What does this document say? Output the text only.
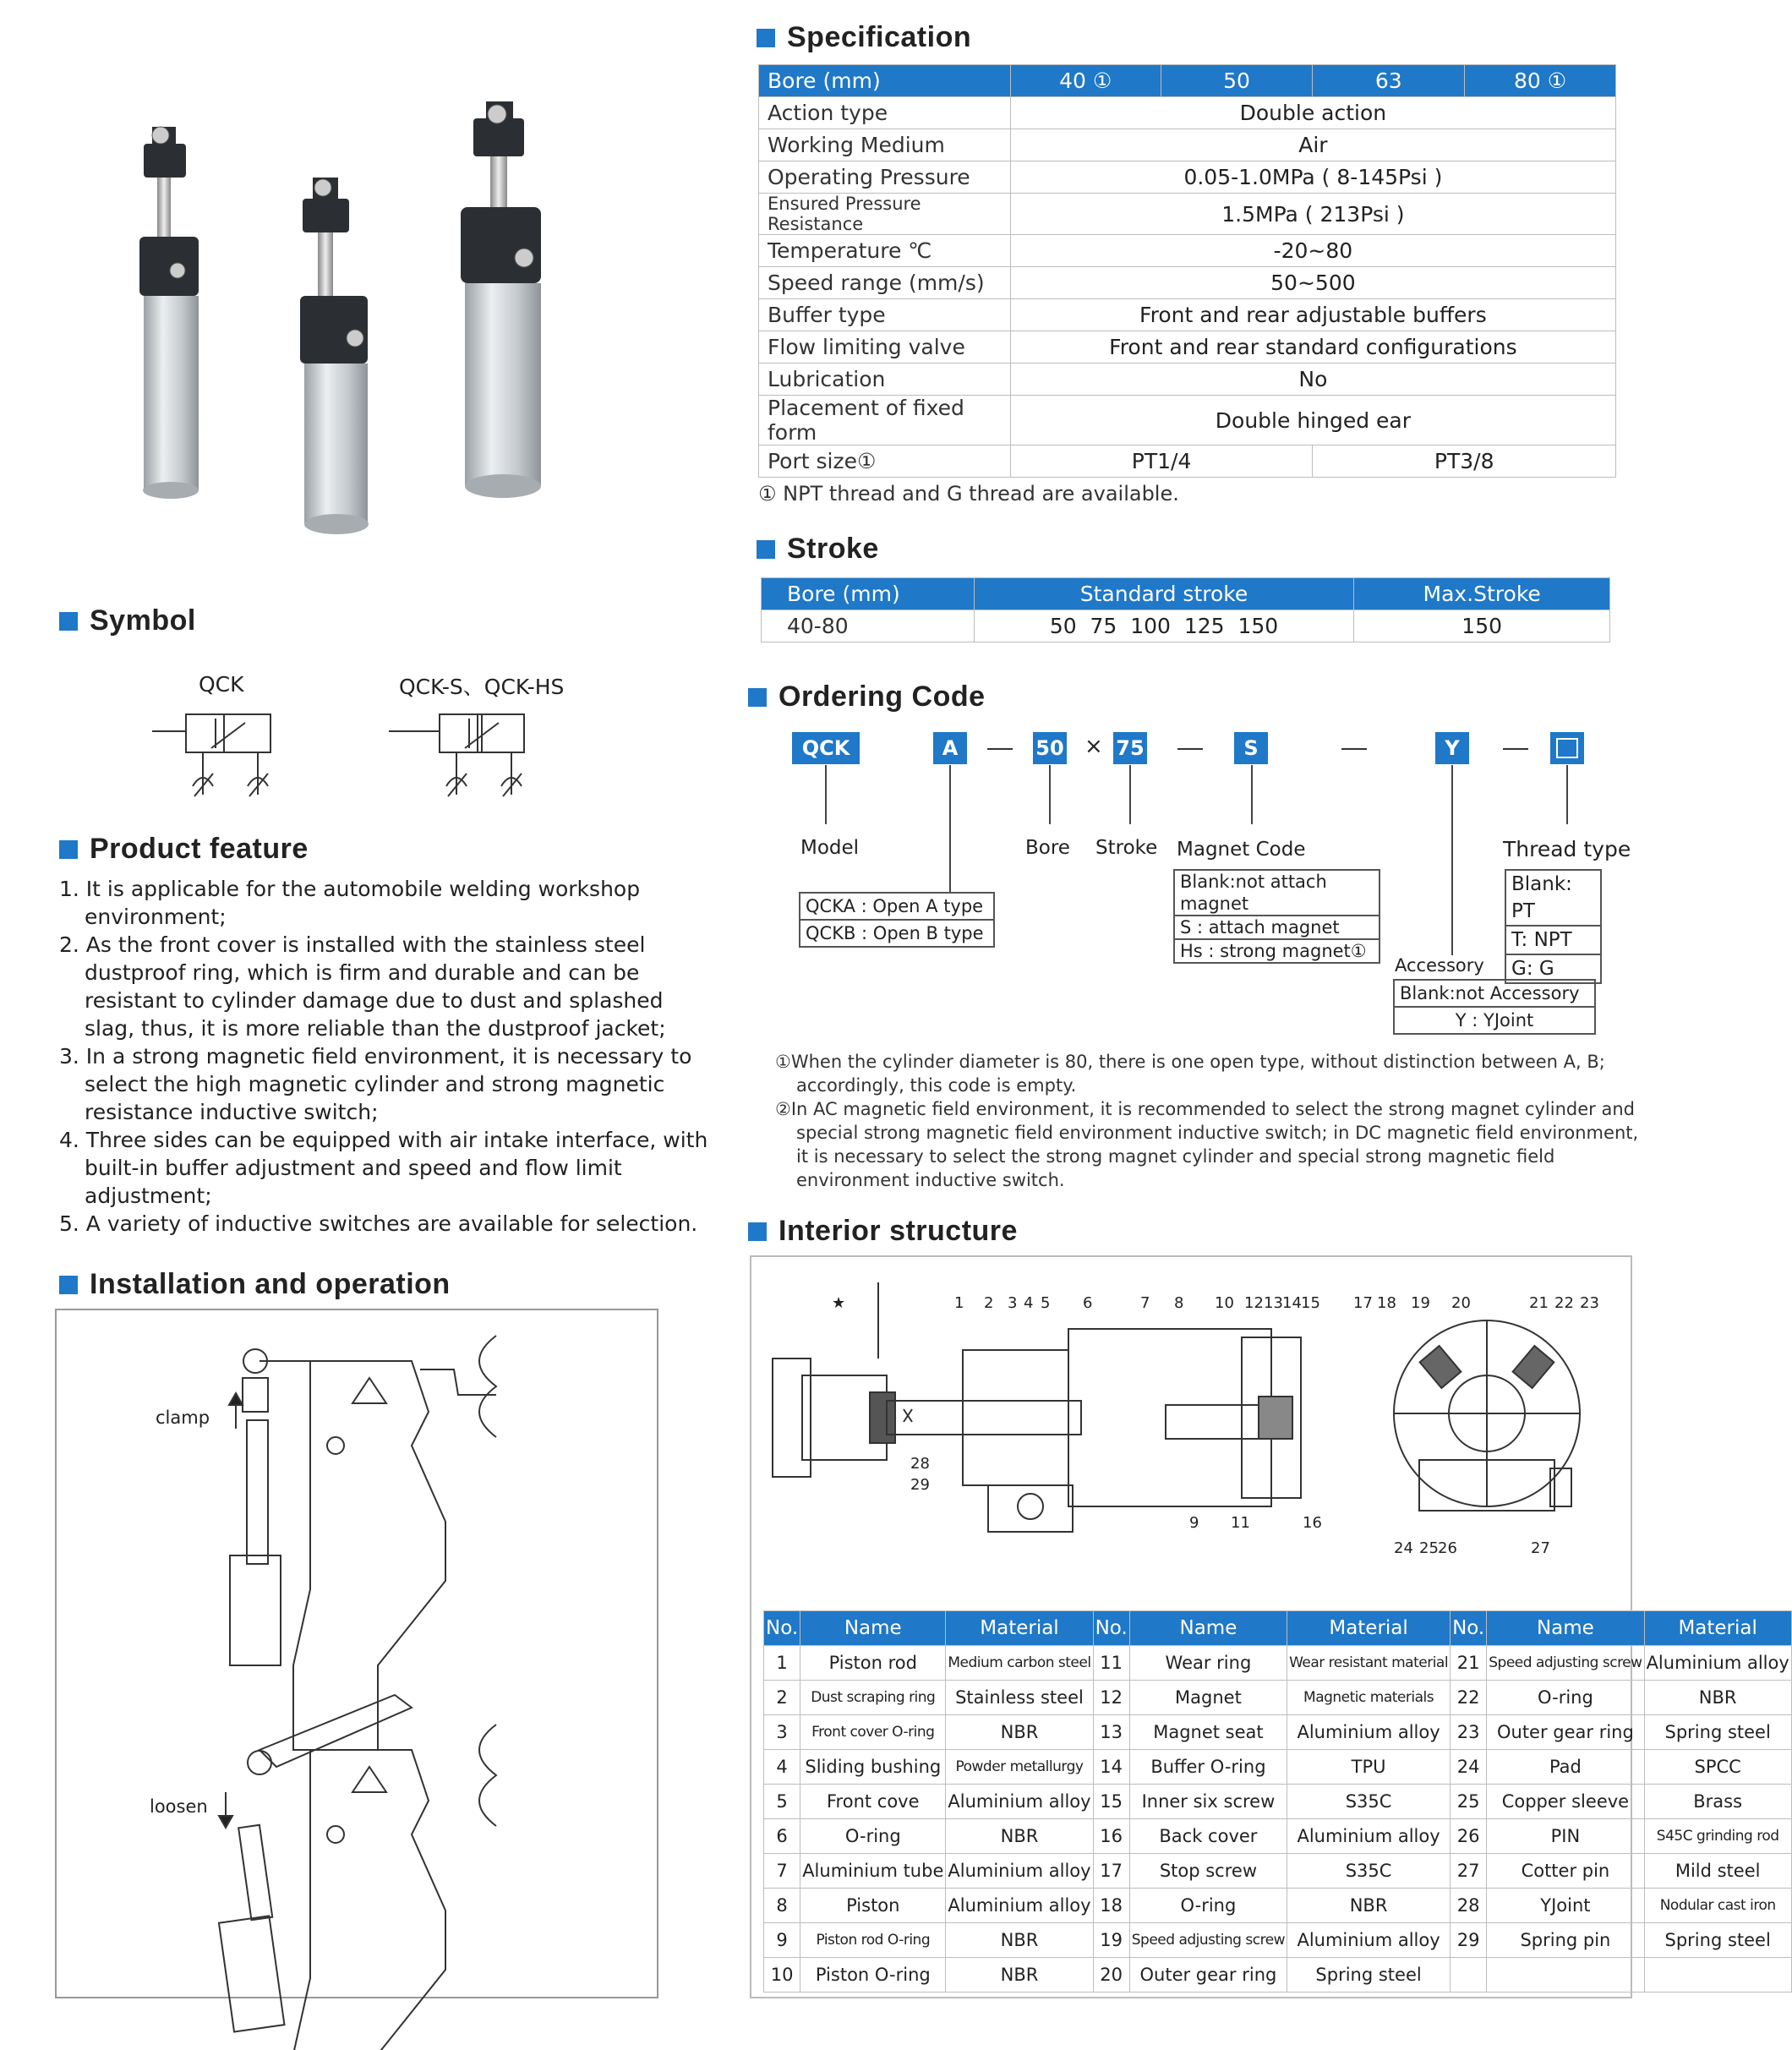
Specification
Bore (mm)	40 ①	50	63	80 ①
Action type	Double action			
Working Medium	Air			
Operating Pressure	0.05-1.0MPa ( 8-145Psi )			
Ensured Pressure Resistance	1.5MPa ( 213Psi )			
Temperature ℃	-20~80			
Speed range (mm/s)	50~500			
Buffer type	Front and rear adjustable buffers			
Flow limiting valve	Front and rear standard configurations			
Lubrication	No			
Placement of fixed form	Double hinged ear			
Port size①	PT1/4		PT3/8	
① NPT thread and G thread are available.
Stroke
Bore (mm)	Standard stroke	Max.Stroke
40-80	50  75  100  125  150	150
Symbol
QCK	QCK-S、QCK-HS
Product feature
1. It is applicable for the automobile welding workshop environment;
2. As the front cover is installed with the stainless steel dustproof ring, which is firm and durable and can be resistant to cylinder damage due to dust and splashed slag, thus, it is more reliable than the dustproof jacket;
3. In a strong magnetic field environment, it is necessary to select the high magnetic cylinder and strong magnetic resistance inductive switch;
4. Three sides can be equipped with air intake interface, with built-in buffer adjustment and speed and flow limit adjustment;
5. A variety of inductive switches are available for selection.
Installation and operation
clamp
loosen
Ordering Code
QCK	A	50 × 75	S	Y
Model	Bore Stroke Magnet Code	Thread type
Accessory
QCKA : Open A type
QCKB : Open B type
Blank:not attach magnet
S : attach magnet
Hs : strong magnet①
Blank: PT
T: NPT
G: G
Blank:not Accessory
Y : YJoint
①When the cylinder diameter is 80, there is one open type, without distinction between A, B; accordingly, this code is empty.
②In AC magnetic field environment, it is recommended to select the strong magnet cylinder and special strong magnetic field environment inductive switch; in DC magnetic field environment, it is necessary to select the strong magnet cylinder and special strong magnetic field environment inductive switch.
Interior structure
★	1 2 3 4 5 6	7 8 10 12 13 14 15 17 18 19 20	21 22 23
28
29
9 11	16
24 25 26	27
No.	Name	Material	No.	Name	Material	No.	Name	Material
1	Piston rod	Medium carbon steel	11	Wear ring	Wear resistant material	21	Speed adjusting screw	Aluminium alloy
2	Dust scraping ring	Stainless steel	12	Magnet	Magnetic materials	22	O-ring	NBR
3	Front cover O-ring	NBR	13	Magnet seat	Aluminium alloy	23	Outer gear ring	Spring steel
4	Sliding bushing	Powder metallurgy	14	Buffer O-ring	TPU	24	Pad	SPCC
5	Front cove	Aluminium alloy	15	Inner six screw	S35C	25	Copper sleeve	Brass
6	O-ring	NBR	16	Back cover	Aluminium alloy	26	PIN	S45C grinding rod
7	Aluminium tube	Aluminium alloy	17	Stop screw	S35C	27	Cotter pin	Mild steel
8	Piston	Aluminium alloy	18	O-ring	NBR	28	YJoint	Nodular cast iron
9	Piston rod O-ring	NBR	19	Speed adjusting screw	Aluminium alloy	29	Spring pin	Spring steel
10	Piston O-ring	NBR	20	Outer gear ring	Spring steel			
